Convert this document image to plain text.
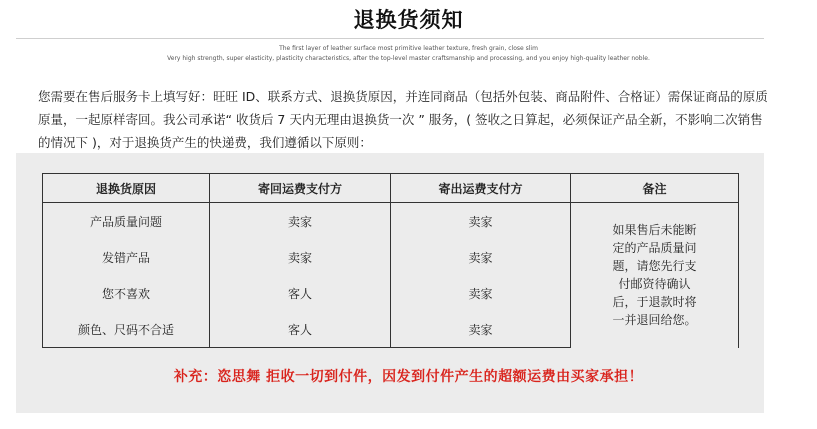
退换货须知
The first layer of leather surface most primitive leather texture, fresh grain, close slim
Very high strength, super elasticity, plasticity characteristics, after the top-level master craftsmanship and processing, and you enjoy high-quality leather noble.
您需要在售后服务卡上填写好：旺旺 ID、联系方式、退换货原因，并连同商品（包括外包装、商品附件、合格证）需保证商品的原质原量，一起原样寄回。我公司承诺“ 收货后 7 天内无理由退换货一次 ” 服务，( 签收之日算起，必须保证产品全新，不影响二次销售的情况下 )，对于退换货产生的快递费，我们遵循以下原则：
退换货原因	寄回运费支付方	寄出运费支付方	备注
产品质量问题	卖家	卖家	如果售后未能断定的产品质量问题，请您先行支付邮资待确认后，于退款时将一并退回给您。

发错产品	卖家	卖家	
您不喜欢	客人	卖家	
颜色、尺码不合适	客人	卖家	
补充：恣思舞 拒收一切到付件，因发到付件产生的超额运费由买家承担！
